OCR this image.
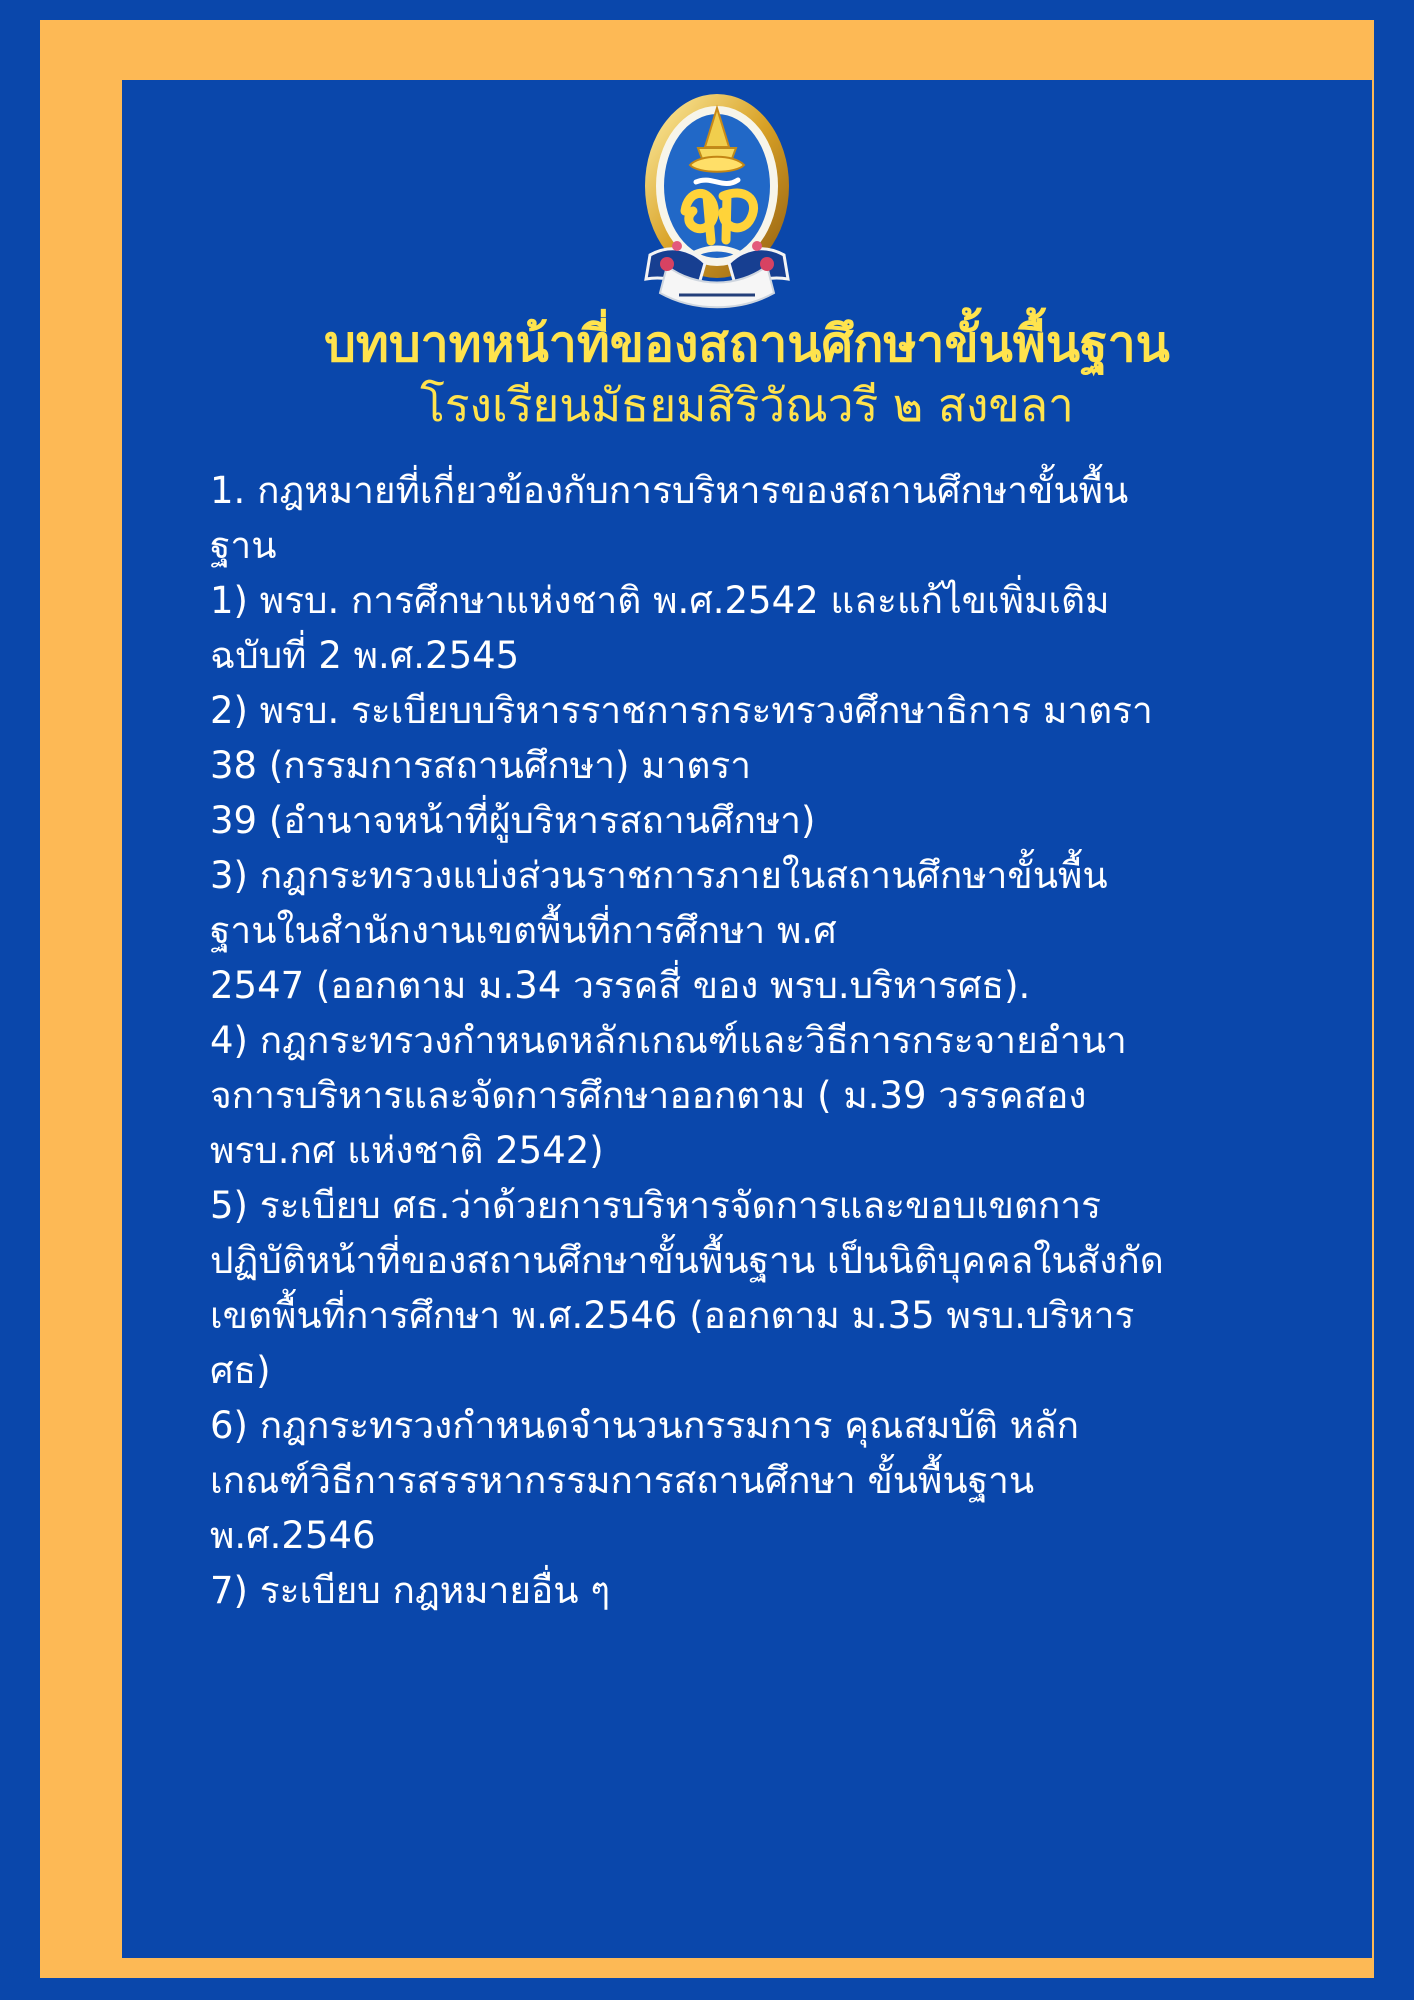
บทบาทหน้าที่ของสถานศึกษาขั้นพื้นฐาน
โรงเรียนมัธยมสิริวัณวรี ๒ สงขลา
1. กฎหมายที่เกี่ยวข้องกับการบริหารของสถานศึกษาขั้นพื้น
ฐาน
1) พรบ. การศึกษาแห่งชาติ พ.ศ.2542 และแก้ไขเพิ่มเติม
ฉบับที่ 2 พ.ศ.2545
2) พรบ. ระเบียบบริหารราชการกระทรวงศึกษาธิการ มาตรา
38 (กรรมการสถานศึกษา) มาตรา
39 (อำนาจหน้าที่ผู้บริหารสถานศึกษา)
3) กฎกระทรวงแบ่งส่วนราชการภายในสถานศึกษาขั้นพื้น
ฐานในสำนักงานเขตพื้นที่การศึกษา พ.ศ
2547 (ออกตาม ม.34 วรรคสี่ ของ พรบ.บริหารศธ).
4) กฎกระทรวงกำหนดหลักเกณฑ์และวิธีการกระจายอำนา
จการบริหารและจัดการศึกษาออกตาม ( ม.39 วรรคสอง
พรบ.กศ แห่งชาติ 2542)
5) ระเบียบ ศธ.ว่าด้วยการบริหารจัดการและขอบเขตการ
ปฏิบัติหน้าที่ของสถานศึกษาขั้นพื้นฐาน เป็นนิติบุคคลในสังกัด
เขตพื้นที่การศึกษา พ.ศ.2546 (ออกตาม ม.35 พรบ.บริหาร
ศธ)
6) กฎกระทรวงกำหนดจำนวนกรรมการ คุณสมบัติ หลัก
เกณฑ์วิธีการสรรหากรรมการสถานศึกษา ขั้นพื้นฐาน
พ.ศ.2546
7) ระเบียบ กฎหมายอื่น ๆ
